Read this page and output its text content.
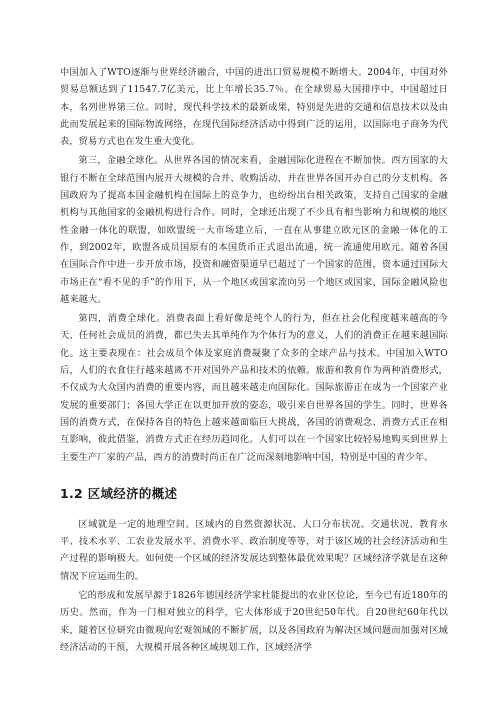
中国加入了WTO逐渐与世界经济融合，中国的进出口贸易规模不断增大。2004年，中国对外贸易总额达到了11547.7亿美元，比上年增长35.7％。在全球贸易大国排序中，中国超过日本，名列世界第三位。同时，现代科学技术的最新成果，特别是先进的交通和信息技术以及由此而发展起来的国际物流网络，在现代国际经济活动中得到广泛的运用，以国际电子商务为代表，贸易方式也在发生重大变化。

第三，金融全球化。从世界各国的情况来看，金融国际化进程在不断加快。西方国家的大银行不断在全球范围内展开大规模的合并、收购活动，并在世界各国开办自己的分支机构。各国政府为了提高本国金融机构在国际上的竞争力，也纷纷出台相关政策，支持自己国家的金融机构与其他国家的金融机构进行合作。同时，全球还出现了不少具有相当影响力和规模的地区性金融一体化的联盟，如欧盟统一大市场建立后，一直在从事建立欧元区的金融一体化的工作，到2002年，欧盟各成员国原有的本国货币正式退出流通，统一流通使用欧元。随着各国在国际合作中进一步开放市场，投资和融资渠道早已超过了一个国家的范围，资本通过国际大市场正在“看不见的手”的作用下，从一个地区或国家流向另一个地区或国家，国际金融风险也越来越大。

第四，消费全球化。消费表面上看好像是纯个人的行为，但在社会化程度越来越高的今天，任何社会成员的消费，都已失去其单纯作为个体行为的意义，人们的消费正在越来越国际化。这主要表现在：社会成员个体及家庭消费凝聚了众多的全球产品与技术。中国加入WTO后，人们的衣食住行越来越离不开对国外产品和技术的依赖。旅游和教育作为两种消费形式，不仅成为大众国内消费的重要内容，而且越来越走向国际化。国际旅游正在成为一个国家产业发展的重要部门；各国大学正在以更加开放的姿态，吸引来自世界各国的学生。同时，世界各国的消费方式，在保持各自的特色上越来越面临巨大挑战，各国的消费观念、消费方式正在相互影响，彼此借鉴，消费方式正在经历趋同化。人们可以在一个国家比较轻易地购买到世界上主要生产厂家的产品，西方的消费时尚正在广泛而深刻地影响中国，特别是中国的青少年。

1.2 区域经济的概述

区域就是一定的地理空间。区域内的自然资源状况、人口分布状况、交通状况、教育水平、技术水平、工农业发展水平、消费水平、政治制度等等，对于该区域的社会经济活动和生产过程的影响极大。如何使一个区域的经济发展达到整体最优效果呢？区域经济学就是在这种情况下应运而生的。

它的形成和发展早源于1826年德国经济学家杜能提出的农业区位论，至今已有近180年的历史。然而，作为一门相对独立的科学，它大体形成于20世纪50年代。自20世纪60年代以来，随着区位研究由微观向宏观领域的不断扩展，以及各国政府为解决区域问题而加强对区域经济活动的干预，大规模开展各种区域规划工作，区域经济学
